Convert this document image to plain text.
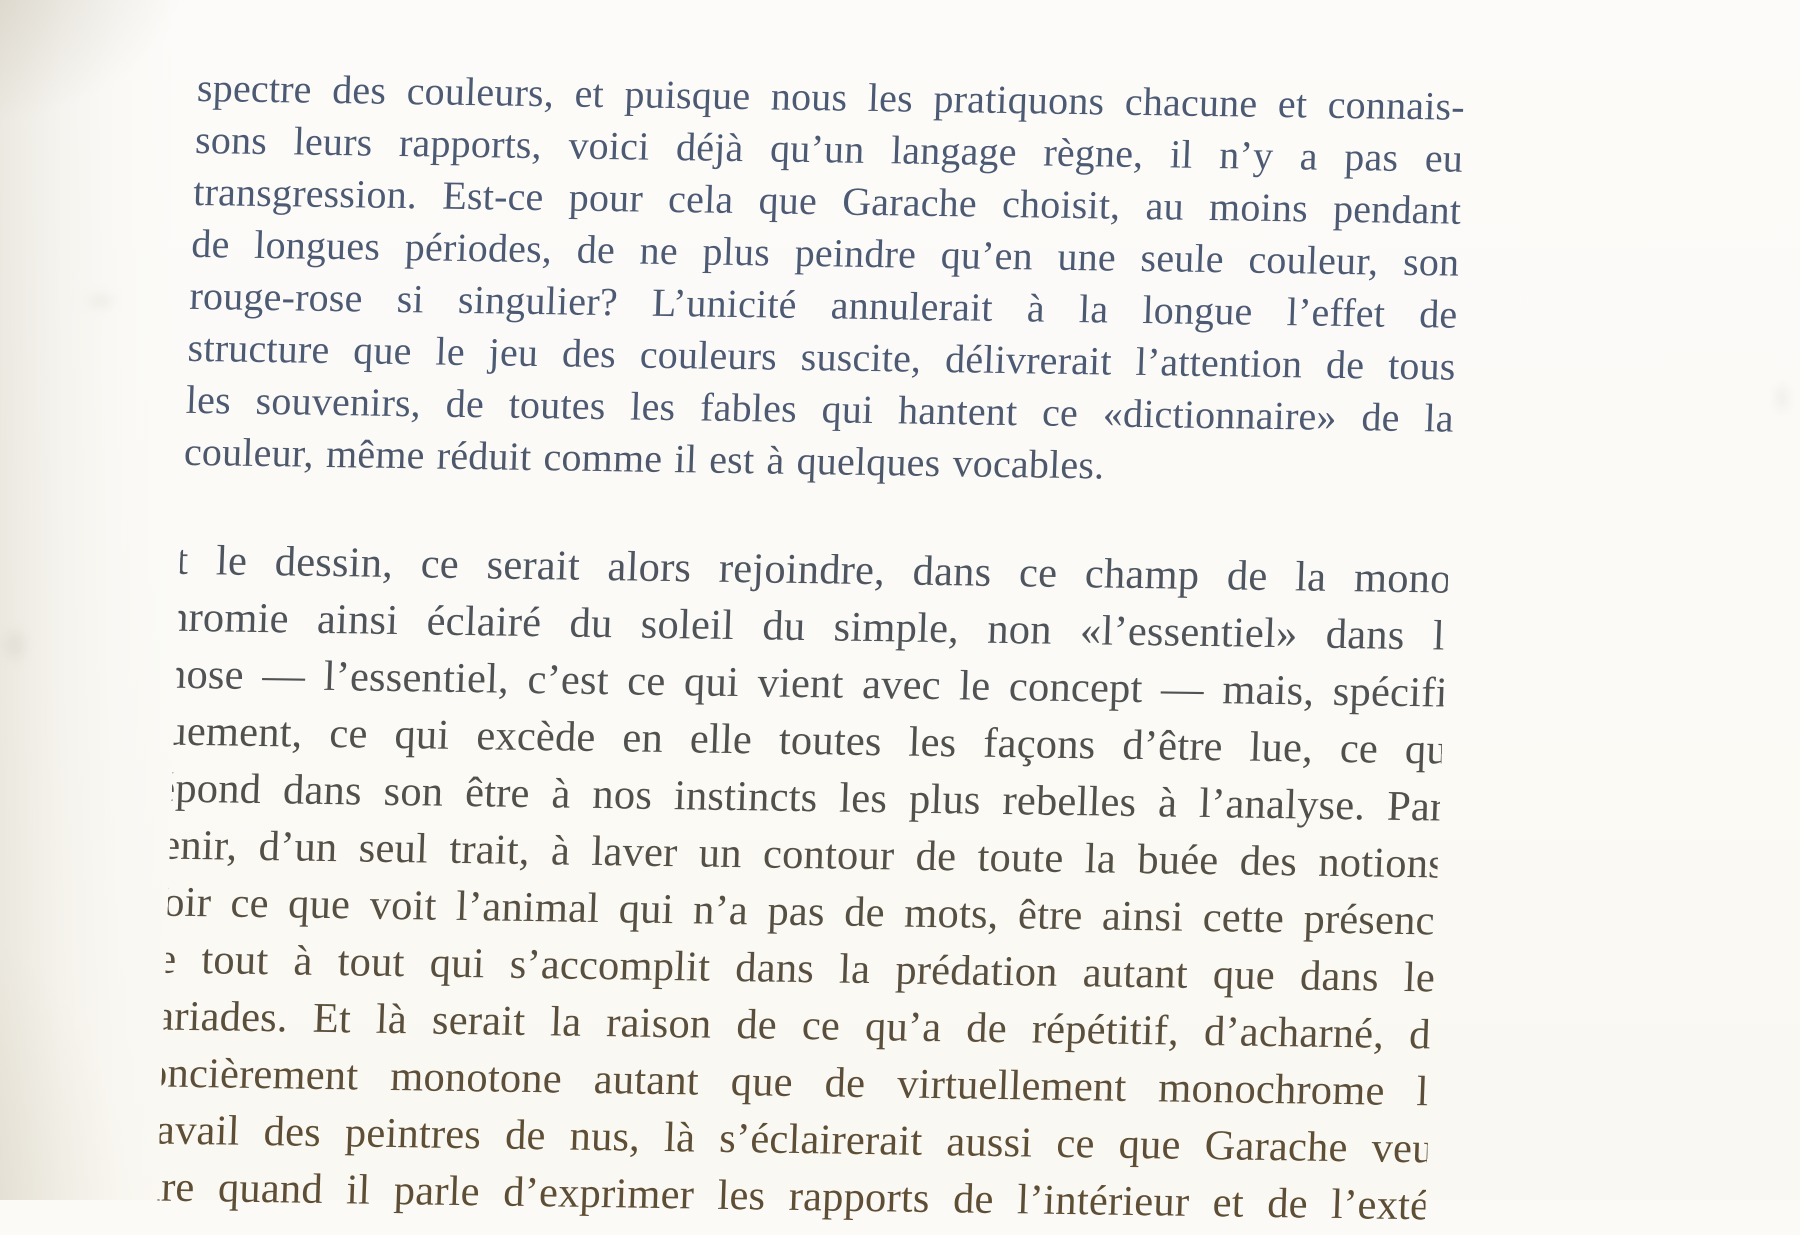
spectre des couleurs, et puisque nous les pratiquons chacune et connais-
sons leurs rapports, voici déjà qu’un langage règne, il n’y a pas eu
transgression. Est-ce pour cela que Garache choisit, au moins pendant
de longues périodes, de ne plus peindre qu’en une seule couleur, son
rouge-rose si singulier? L’unicité annulerait à la longue l’effet de
structure que le jeu des couleurs suscite, délivrerait l’attention de tous
les souvenirs, de toutes les fables qui hantent ce «dictionnaire» de la
couleur, même réduit comme il est à quelques vocables.
Et le dessin, ce serait alors rejoindre, dans ce champ de la mono-
chromie ainsi éclairé du soleil du simple, non «l’essentiel» dans la
chose — l’essentiel, c’est ce qui vient avec le concept — mais, spécifi-
quement, ce qui excède en elle toutes les façons d’être lue, ce qui
répond dans son être à nos instincts les plus rebelles à l’analyse. Par-
venir, d’un seul trait, à laver un contour de toute la buée des notions.
Voir ce que voit l’animal qui n’a pas de mots, être ainsi cette présence
de tout à tout qui s’accomplit dans la prédation autant que dans les
pariades. Et là serait la raison de ce qu’a de répétitif, d’acharné, de
foncièrement monotone autant que de virtuellement monochrome le
travail des peintres de nus, là s’éclairerait aussi ce que Garache veut
dire quand il parle d’exprimer les rapports de l’intérieur et de l’exté-
